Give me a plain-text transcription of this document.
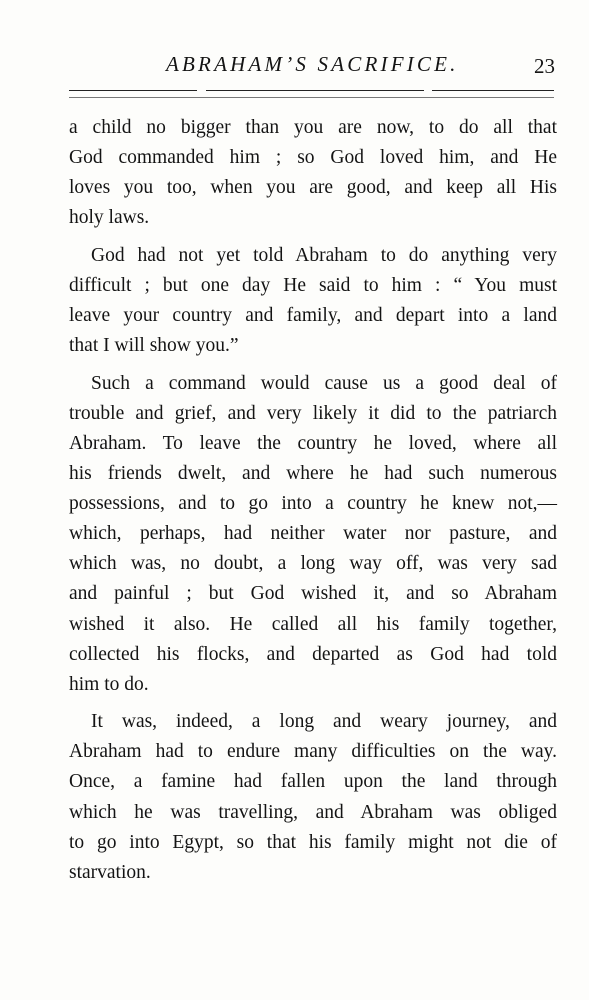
ABRAHAM’S SACRIFICE.	23
a child no bigger than you are now, to do all that
God commanded him ; so God loved him, and He
loves you too, when you are good, and keep all His
holy laws.
God had not yet told Abraham to do anything very
difficult ; but one day He said to him : “ You must
leave your country and family, and depart into a land
that I will show you.”
Such a command would cause us a good deal of
trouble and grief, and very likely it did to the patriarch
Abraham. To leave the country he loved, where all
his friends dwelt, and where he had such numerous
possessions, and to go into a country he knew not,—
which, perhaps, had neither water nor pasture, and
which was, no doubt, a long way off, was very sad
and painful ; but God wished it, and so Abraham
wished it also. He called all his family together,
collected his flocks, and departed as God had told
him to do.
It was, indeed, a long and weary journey, and
Abraham had to endure many difficulties on the way.
Once, a famine had fallen upon the land through
which he was travelling, and Abraham was obliged
to go into Egypt, so that his family might not die of
starvation.
